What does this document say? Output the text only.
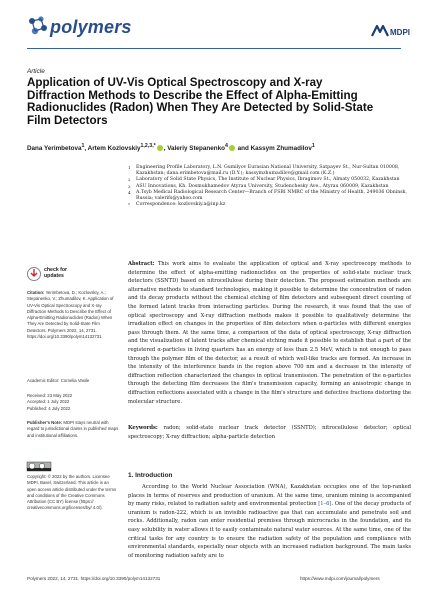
polymers	MDPI
Article
Application of UV-Vis Optical Spectroscopy and X-ray
Diffraction Methods to Describe the Effect of Alpha-Emitting
Radionuclides (Radon) When They Are Detected by Solid-State
Film Detectors
Dana Yerimbetova$^1$, Artem Kozlovskiy$^{1,2,3,*}$ , Valeriy Stepanenko$^4$ and Kassym Zhumadilov$^1$
1	Engineering Profile Laboratory, L.N. Gumilyov Eurasian National University, Satpayev St., Nur-Sultan 010008, Kazakhstan; dana.erimbetova@mail.ru (D.Y.); kassymzhumadilov@gmail.com (K.Z.)
2	Laboratory of Solid State Physics, The Institute of Nuclear Physics, Ibragimov St., Almaty 050032, Kazakhstan
3	ASU Innovations, Kh. Dosmukhamedov Atyrau University, Studenchesky Ave., Atyrau 060009, Kazakhstan
4	A.Tsyb Medical Radiological Research Center—Branch of FSBI NMRC of the Ministry of Health, 249036 Obninsk, Russia; valerifs@yahoo.com
*	Correspondence: kozlovskiy.a@inp.kz
check for
updates
Citation: Yerimbetova, D.; Kozlovskiy, A.; Stepanenko, V.; Zhumadilov, K. Application of UV-Vis Optical Spectroscopy and X-ray Diffraction Methods to Describe the Effect of Alpha-Emitting Radionuclides (Radon) When They Are Detected by Solid-State Film Detectors. Polymers 2022, 14, 2731. https://doi.org/10.3390/polym14132731
Academic Editor: Cornelia Vasile
Received: 23 May 2022
Accepted: 1 July 2022
Published: 4 July 2022
Publisher's Note: MDPI stays neutral with regard to jurisdictional claims in published maps and institutional affiliations.
Copyright: © 2022 by the authors. Licensee MDPI, Basel, Switzerland. This article is an open access article distributed under the terms and conditions of the Creative Commons Attribution (CC BY) license (https:// creativecommons.org/licenses/by/ 4.0/).
Abstract: This work aims to evaluate the application of optical and X-ray spectroscopy methods to determine the effect of alpha-emitting radionuclides on the properties of solid-state nuclear track detectors (SSNTD) based on nitrocellulose during their detection. The proposed estimation methods are alternative methods to standard technologies, making it possible to determine the concentration of radon and its decay products without the chemical etching of film detectors and subsequent direct counting of the formed latent tracks from interacting particles. During the research, it was found that the use of optical spectroscopy and X-ray diffraction methods makes it possible to qualitatively determine the irradiation effect on changes in the properties of film detectors when α-particles with different energies pass through them. At the same time, a comparison of the data of optical spectroscopy, X-ray diffraction and the visualization of latent tracks after chemical etching made it possible to establish that a part of the registered α-particles in living quarters has an energy of less than 2.5 MeV, which is not enough to pass through the polymer film of the detector, as a result of which well-like tracks are formed. An increase in the intensity of the interference bands in the region above 700 nm and a decrease in the intensity of diffraction reflection characterized the changes in optical transmission. The penetration of the α-particles through the detecting film decreases the film's transmission capacity, forming an anisotropic change in diffraction reflections associated with a change in the film's structure and defective fractions distorting the molecular structure.
Keywords: radon; solid-state nuclear track detector (SSNTD); nitrocellulose detector; optical spectroscopy; X-ray diffraction; alpha-particle detection
1. Introduction
According to the World Nuclear Association (WNA), Kazakhstan occupies one of the top-ranked places in terms of reserves and production of uranium. At the same time, uranium mining is accompanied by many risks, related to radiation safety and environmental protection [1–6]. One of the decay products of uranium is radon-222, which is an invisible radioactive gas that can accumulate and penetrate soil and rocks. Additionally, radon can enter residential premises through microcracks in the foundation, and its easy solubility in water allows it to easily contaminate natural water sources. At the same time, one of the critical tasks for any country is to ensure the radiation safety of the population and compliance with environmental standards, especially near objects with an increased radiation background. The main tasks of monitoring radiation safety are to
Polymers 2022, 14, 2731. https://doi.org/10.3390/polym14132731	https://www.mdpi.com/journal/polymers
